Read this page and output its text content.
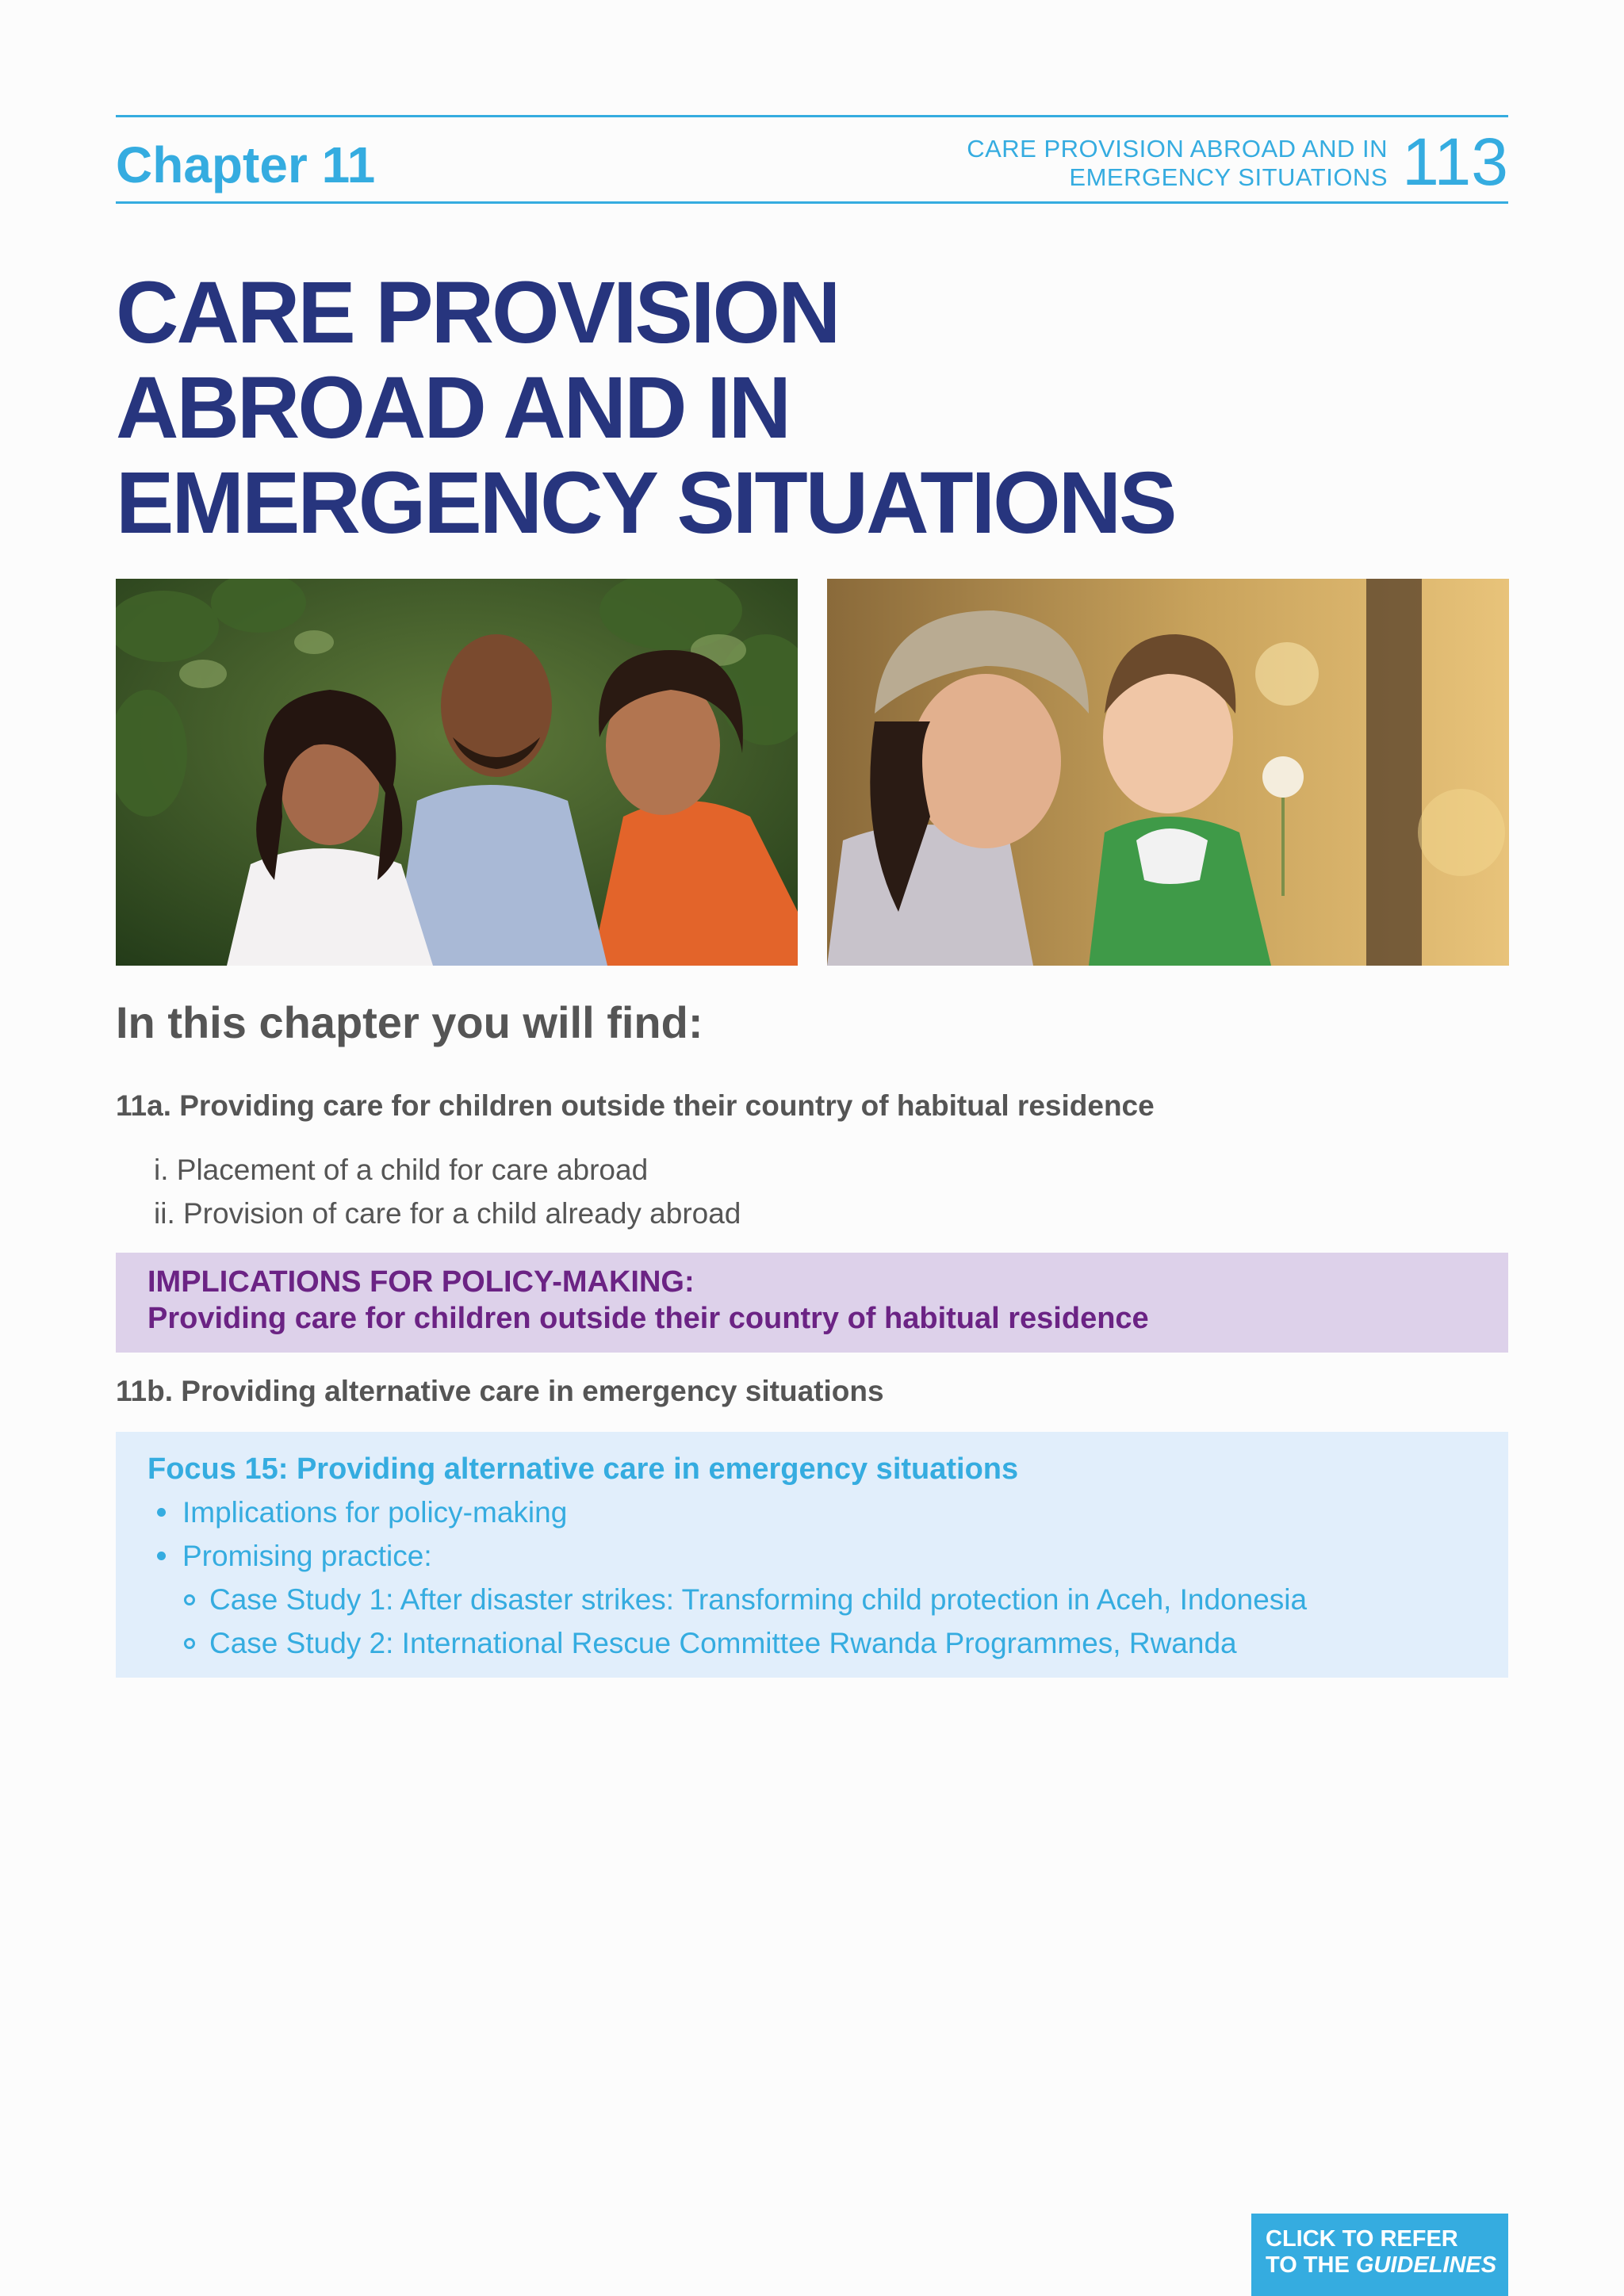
Chapter 11	CARE PROVISION ABROAD AND IN
EMERGENCY SITUATIONS 113
CARE PROVISION
ABROAD AND IN
EMERGENCY SITUATIONS
In this chapter you will find:
11a. Providing care for children outside their country of habitual residence
i. Placement of a child for care abroad
ii. Provision of care for a child already abroad
IMPLICATIONS FOR POLICY-MAKING:
Providing care for children outside their country of habitual residence
11b. Providing alternative care in emergency situations
Focus 15: Providing alternative care in emergency situations
Implications for policy-making
Promising practice:
Case Study 1: After disaster strikes: Transforming child protection in Aceh, Indonesia
Case Study 2: International Rescue Committee Rwanda Programmes, Rwanda
CLICK TO REFER
TO THE GUIDELINES
